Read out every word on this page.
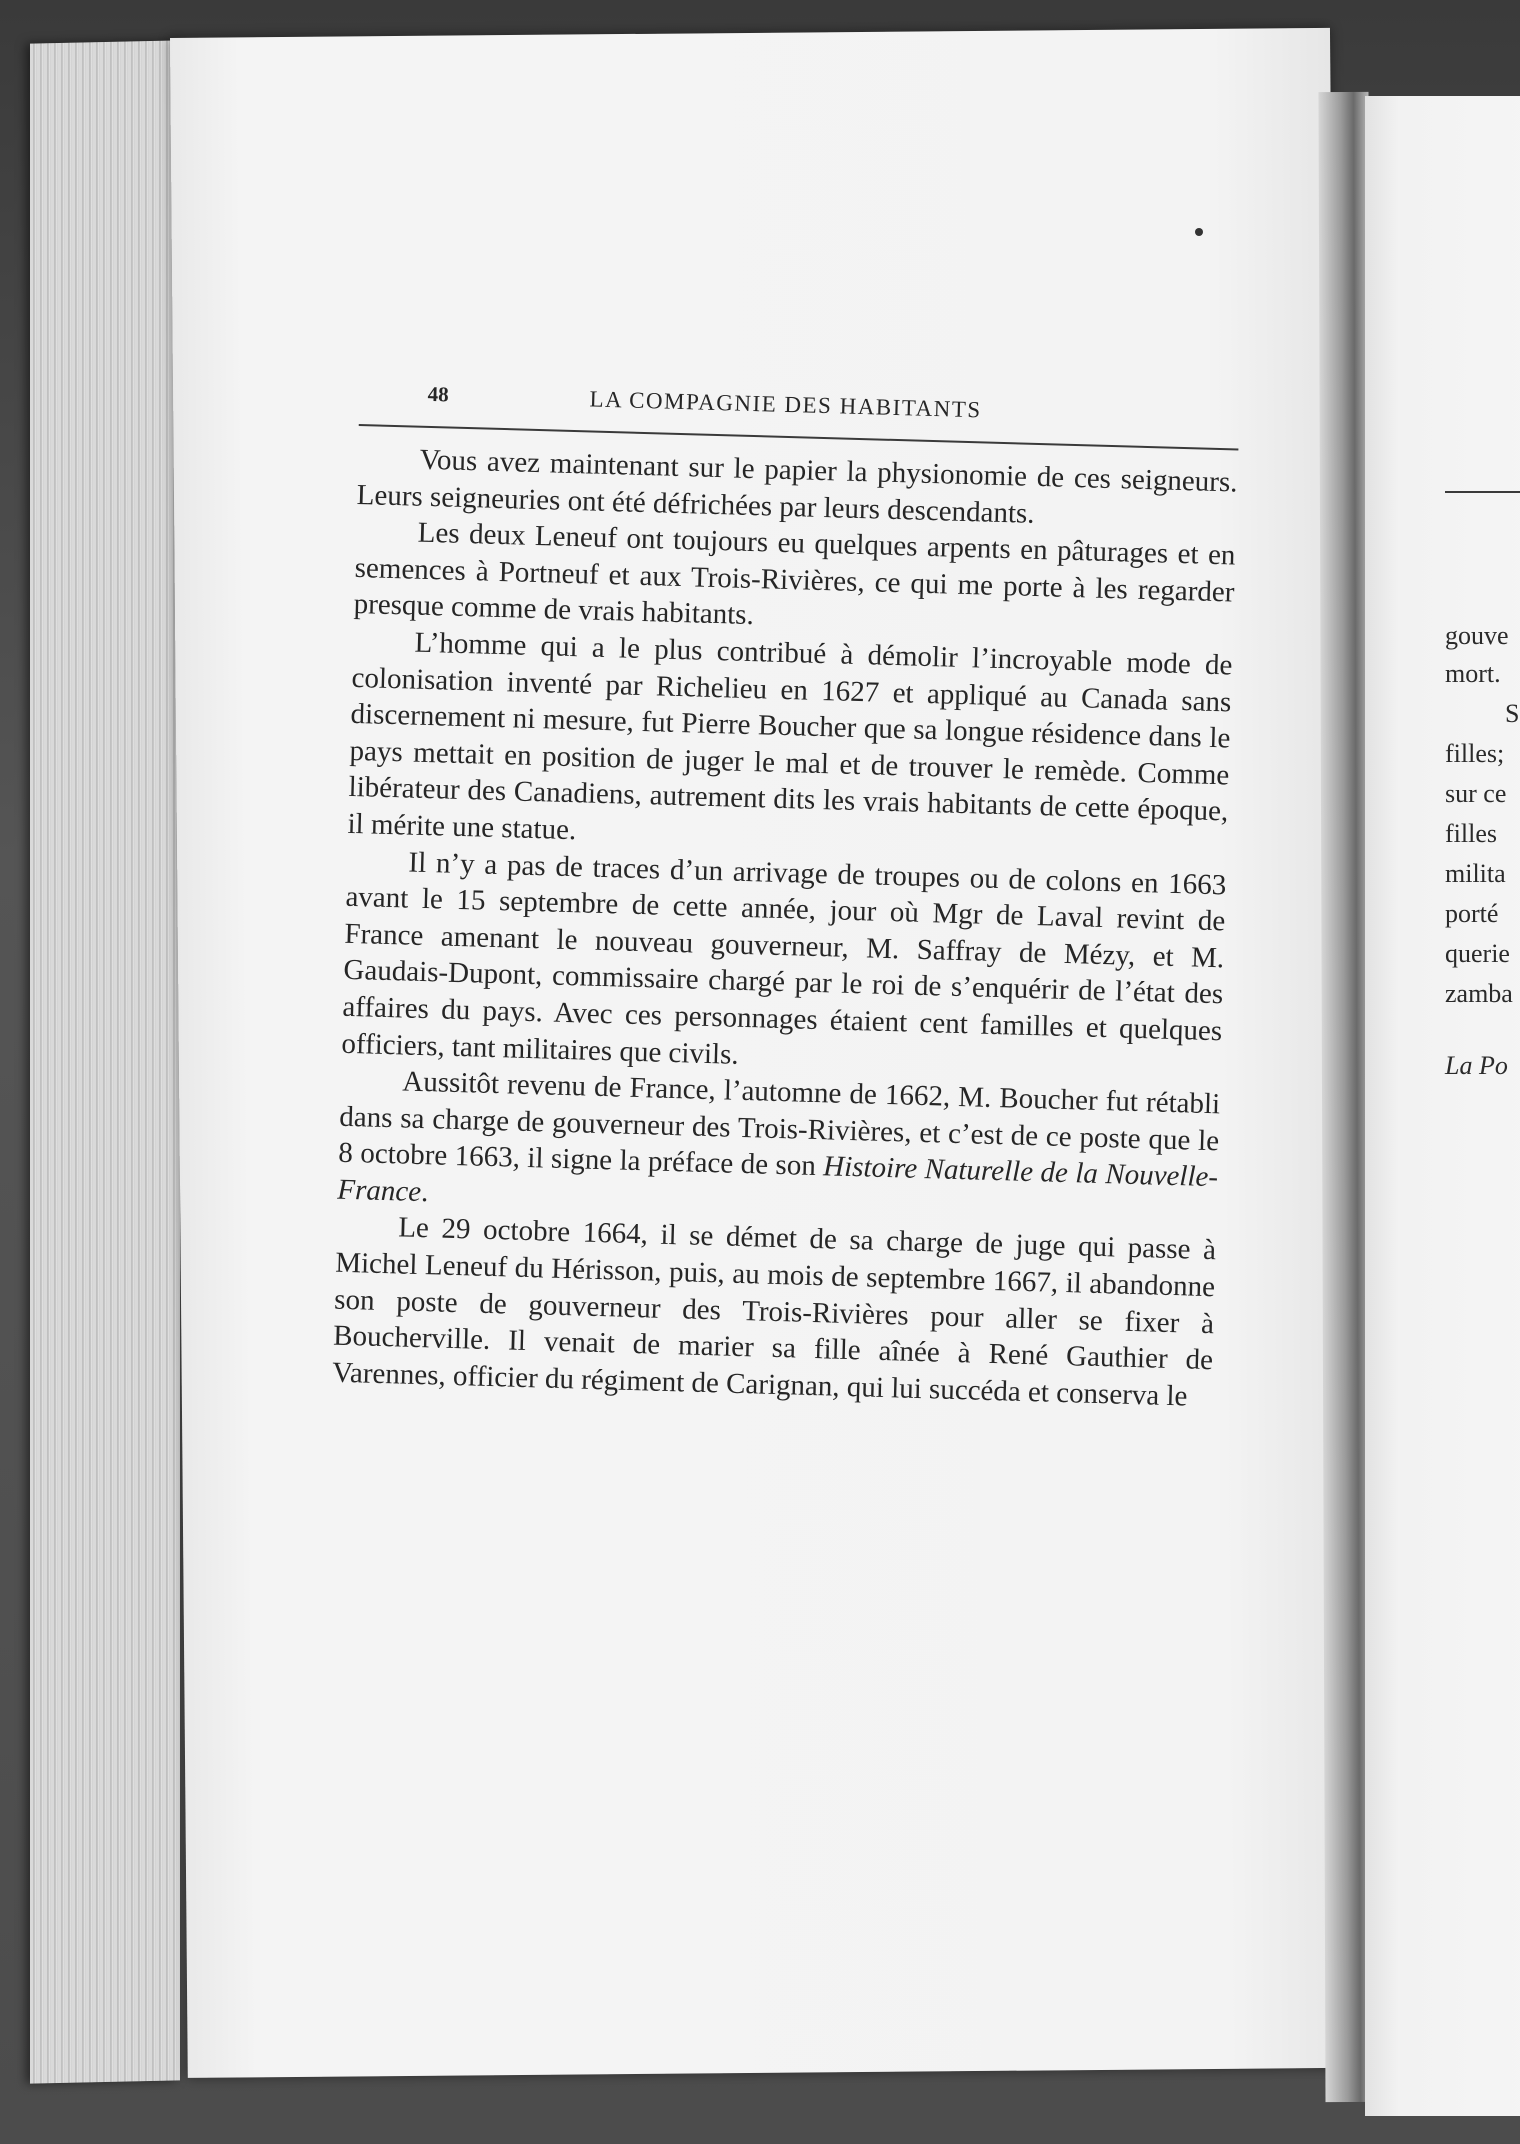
gouve
mort.
S
filles;
sur ce
filles
milita
porté
querie
zamba
La Po
48	LA COMPAGNIE DES HABITANTS

Vous avez maintenant sur le papier la physionomie de ces seigneurs. Leurs seigneuries ont été défrichées par leurs descendants.

Les deux Leneuf ont toujours eu quelques arpents en pâturages et en semences à Portneuf et aux Trois-Rivières, ce qui me porte à les regarder presque comme de vrais habitants.

L’homme qui a le plus contribué à démolir l’incroyable mode de colonisation inventé par Richelieu en 1627 et appliqué au Canada sans discernement ni mesure, fut Pierre Boucher que sa longue résidence dans le pays mettait en position de juger le mal et de trouver le remède. Comme libérateur des Canadiens, autrement dits les vrais habitants de cette époque, il mérite une statue.

Il n’y a pas de traces d’un arrivage de troupes ou de colons en 1663 avant le 15 septembre de cette année, jour où Mgr de Laval revint de France amenant le nouveau gouverneur, M. Saffray de Mézy, et M. Gaudais-Dupont, commissaire chargé par le roi de s’enquérir de l’état des affaires du pays. Avec ces personnages étaient cent familles et quelques officiers, tant militaires que civils.

Aussitôt revenu de France, l’automne de 1662, M. Boucher fut rétabli dans sa charge de gouverneur des Trois-Rivières, et c’est de ce poste que le 8 octobre 1663, il signe la préface de son Histoire Naturelle de la Nouvelle-France.

Le 29 octobre 1664, il se démet de sa charge de juge qui passe à Michel Leneuf du Hérisson, puis, au mois de septembre 1667, il abandonne son poste de gouverneur des Trois-Rivières pour aller se fixer à Boucherville. Il venait de marier sa fille aînée à René Gauthier de Varennes, officier du régiment de Carignan, qui lui succéda et conserva le
